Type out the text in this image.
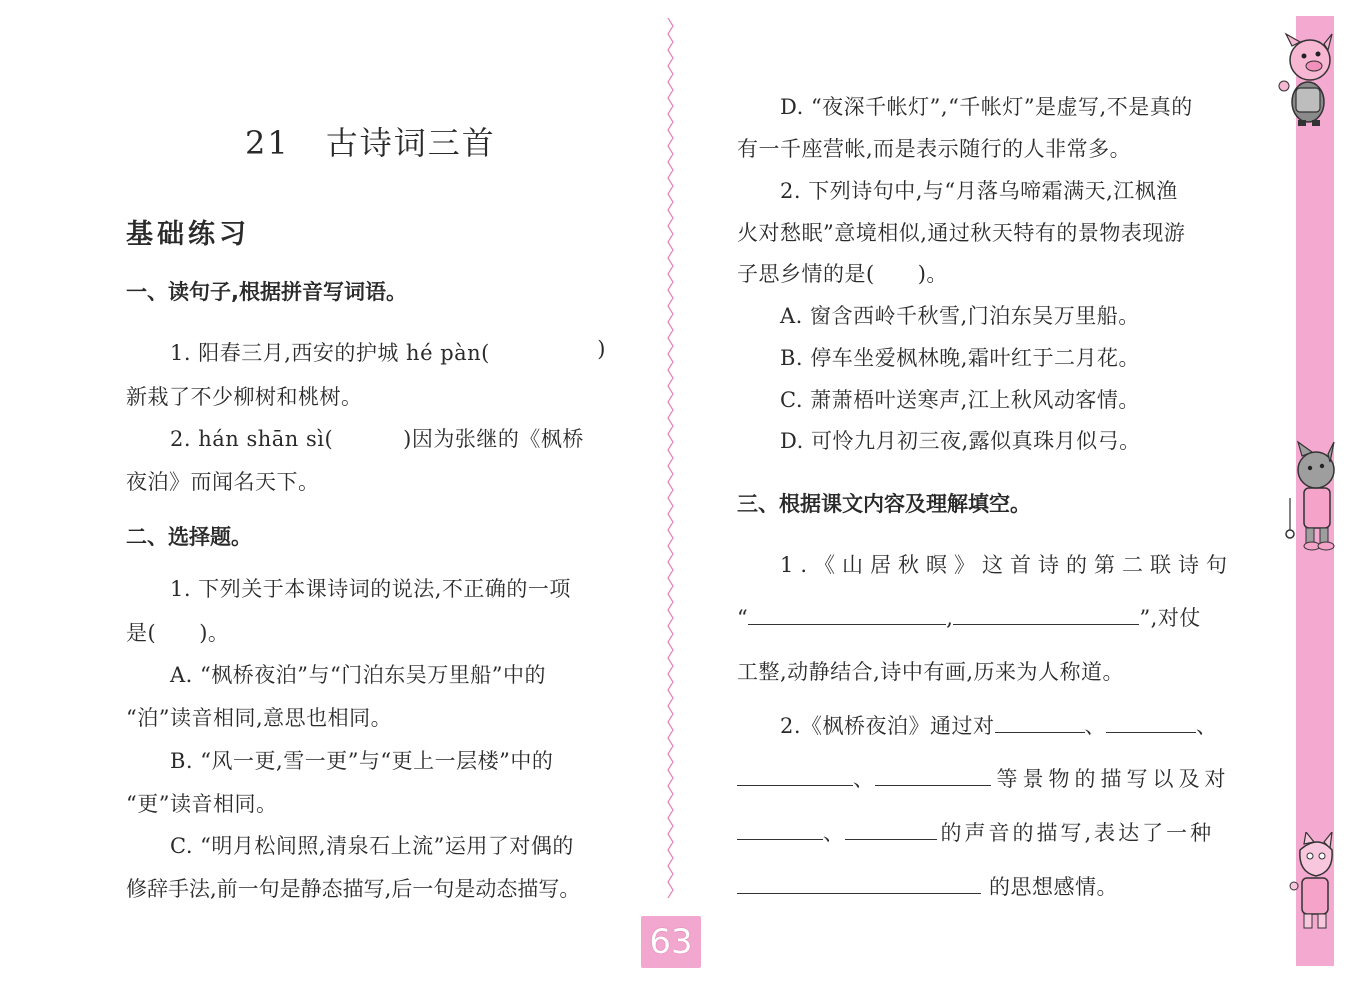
21 古诗词三首
基础练习
一、读句子,根据拼音写词语。
1. 阳春三月,西安的护城 hé pàn(	)
新栽了不少柳树和桃树。
2. hán shān sì(	)因为张继的《枫桥
夜泊》而闻名天下。
二、选择题。
1. 下列关于本课诗词的说法,不正确的一项
是(　　)。
A. “枫桥夜泊”与“门泊东吴万里船”中的
“泊”读音相同,意思也相同。
B. “风一更,雪一更”与“更上一层楼”中的
“更”读音相同。
C. “明月松间照,清泉石上流”运用了对偶的
修辞手法,前一句是静态描写,后一句是动态描写。
D. “夜深千帐灯”,“千帐灯”是虚写,不是真的
有一千座营帐,而是表示随行的人非常多。
2. 下列诗句中,与“月落乌啼霜满天,江枫渔
火对愁眠”意境相似,通过秋天特有的景物表现游
子思乡情的是(　　)。
A. 窗含西岭千秋雪,门泊东吴万里船。
B. 停车坐爱枫林晚,霜叶红于二月花。
C. 萧萧梧叶送寒声,江上秋风动客情。
D. 可怜九月初三夜,露似真珠月似弓。
三、根据课文内容及理解填空。
1.《山居秋暝》这首诗的第二联诗句
“	,	”,对仗
工整,动静结合,诗中有画,历来为人称道。
2.《枫桥夜泊》通过对	、	、
、	等景物的描写以及对
、	的声音的描写,表达了一种
的思想感情。
63
